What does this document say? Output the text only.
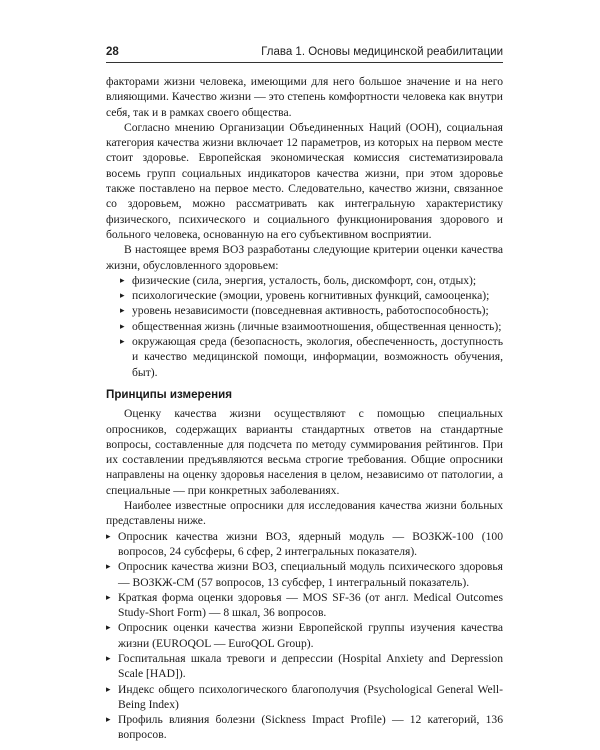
28	Глава 1. Основы медицинской реабилитации

факторами жизни человека, имеющими для него большое значение и на него влияющими. Качество жизни — это степень комфортности человека как внутри себя, так и в рамках своего общества.

Согласно мнению Организации Объединенных Наций (ООН), социальная категория качества жизни включает 12 параметров, из которых на первом месте стоит здоровье. Европейская экономическая комиссия систематизировала восемь групп социальных индикаторов качества жизни, при этом здоровье также поставлено на первое место. Следовательно, качество жизни, связанное со здоровьем, можно рассматривать как интегральную характеристику физического, психического и социального функционирования здорового и больного человека, основанную на его субъективном восприятии.

В настоящее время ВОЗ разработаны следующие критерии оценки качества жизни, обусловленного здоровьем:

▸ физические (сила, энергия, усталость, боль, дискомфорт, сон, отдых);
▸ психологические (эмоции, уровень когнитивных функций, самооценка);
▸ уровень независимости (повседневная активность, работоспособность);
▸ общественная жизнь (личные взаимоотношения, общественная ценность);
▸ окружающая среда (безопасность, экология, обеспеченность, доступность и качество медицинской помощи, информации, возможность обучения, быт).
Принципы измерения

Оценку качества жизни осуществляют с помощью специальных опросников, содержащих варианты стандартных ответов на стандартные вопросы, составленные для подсчета по методу суммирования рейтингов. При их составлении предъявляются весьма строгие требования. Общие опросники направлены на оценку здоровья населения в целом, независимо от патологии, а специальные — при конкретных заболеваниях.

Наиболее известные опросники для исследования качества жизни больных представлены ниже.

▸ Опросник качества жизни ВОЗ, ядерный модуль — ВОЗКЖ-100 (100 вопросов, 24 субсферы, 6 сфер, 2 интегральных показателя).
▸ Опросник качества жизни ВОЗ, специальный модуль психического здоровья — ВОЗКЖ-СМ (57 вопросов, 13 субсфер, 1 интегральный показатель).
▸ Краткая форма оценки здоровья — MOS SF-36 (от англ. Medical Outcomes Study-Short Form) — 8 шкал, 36 вопросов.
▸ Опросник оценки качества жизни Европейской группы изучения качества жизни (EUROQOL — EuroQOL Group).
▸ Госпитальная шкала тревоги и депрессии (Hospital Anxiety and Depression Scale [HAD]).
▸ Индекс общего психологического благополучия (Psychological General Well-Being Index)
▸ Профиль влияния болезни (Sickness Impact Profile) — 12 категорий, 136 вопросов.
